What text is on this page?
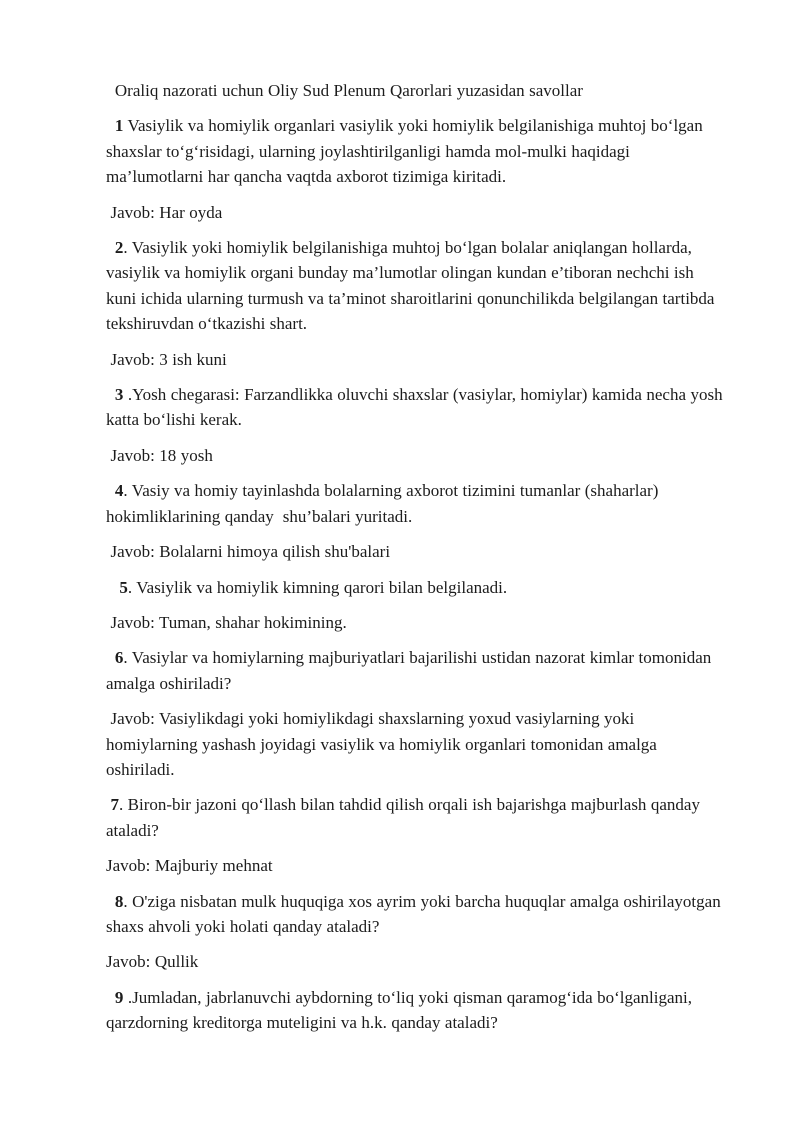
Oraliq nazorati uchun Oliy Sud Plenum Qarorlari yuzasidan savollar

1 Vasiylik va homiylik organlari vasiylik yoki homiylik belgilanishiga muhtoj bo‘lgan shaxslar to‘g‘risidagi, ularning joylashtirilganligi hamda mol-mulki haqidagi ma’lumotlarni har qancha vaqtda axborot tizimiga kiritadi.

Javob: Har oyda

2. Vasiylik yoki homiylik belgilanishiga muhtoj bo‘lgan bolalar aniqlangan hollarda, vasiylik va homiylik organi bunday ma’lumotlar olingan kundan e’tiboran nechchi ish kuni ichida ularning turmush va ta’minot sharoitlarini qonunchilikda belgilangan tartibda tekshiruvdan o‘tkazishi shart.

Javob: 3 ish kuni

3 .Yosh chegarasi: Farzandlikka oluvchi shaxslar (vasiylar, homiylar) kamida necha yosh katta bo‘lishi kerak.

Javob: 18 yosh

4. Vasiy va homiy tayinlashda bolalarning axborot tizimini tumanlar (shaharlar) hokimliklarining qanday  shu’balari yuritadi.

Javob: Bolalarni himoya qilish shu'balari

5. Vasiylik va homiylik kimning qarori bilan belgilanadi.

Javob: Tuman, shahar hokimining.

6. Vasiylar va homiylarning majburiyatlari bajarilishi ustidan nazorat kimlar tomonidan amalga oshiriladi?

Javob: Vasiylikdagi yoki homiylikdagi shaxslarning yoxud vasiylarning yoki homiylarning yashash joyidagi vasiylik va homiylik organlari tomonidan amalga oshiriladi.

7. Biron-bir jazoni qo‘llash bilan tahdid qilish orqali ish bajarishga majburlash qanday ataladi?

Javob: Majburiy mehnat

8. O'ziga nisbatan mulk huquqiga xos ayrim yoki barcha huquqlar amalga oshirilayotgan shaxs ahvoli yoki holati qanday ataladi?

Javob: Qullik

9 .Jumladan, jabrlanuvchi aybdorning to‘liq yoki qisman qaramog‘ida bo‘lganligani, qarzdorning kreditorga muteligini va h.k. qanday ataladi?
